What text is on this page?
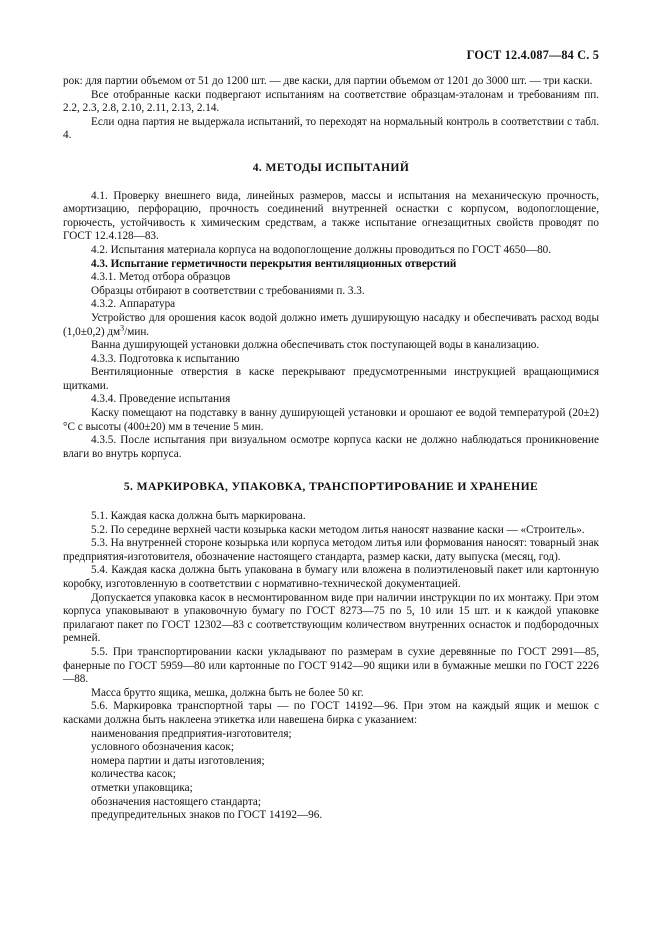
ГОСТ 12.4.087—84 С. 5

рок: для партии объемом от 51 до 1200 шт. — две каски, для партии объемом от 1201 до 3000 шт. — три каски.

Все отобранные каски подвергают испытаниям на соответствие образцам-эталонам и требованиям пп. 2.2, 2.3, 2.8, 2.10, 2.11, 2.13, 2.14.

Если одна партия не выдержала испытаний, то переходят на нормальный контроль в соответствии с табл. 4.

4. МЕТОДЫ ИСПЫТАНИЙ

4.1. Проверку внешнего вида, линейных размеров, массы и испытания на механическую прочность, амортизацию, перфорацию, прочность соединений внутренней оснастки с корпусом, водопоглощение, горючесть, устойчивость к химическим средствам, а также испытание огнезащитных свойств проводят по ГОСТ 12.4.128—83.

4.2. Испытания материала корпуса на водопоглощение должны проводиться по ГОСТ 4650—80.

4.3. Испытание герметичности перекрытия вентиляционных отверстий

4.3.1. Метод отбора образцов

Образцы отбирают в соответствии с требованиями п. 3.3.

4.3.2. Аппаратура

Устройство для орошения касок водой должно иметь душирующую насадку и обеспечивать расход воды (1,0±0,2) $дм^3$/мин.

Ванна душирующей установки должна обеспечивать сток поступающей воды в канализацию.

4.3.3. Подготовка к испытанию

Вентиляционные отверстия в каске перекрывают предусмотренными инструкцией вращающимися щитками.

4.3.4. Проведение испытания

Каску помещают на подставку в ванну душирующей установки и орошают ее водой температурой (20±2) °С с высоты (400±20) мм в течение 5 мин.

4.3.5. После испытания при визуальном осмотре корпуса каски не должно наблюдаться проникновение влаги во внутрь корпуса.

5. МАРКИРОВКА, УПАКОВКА, ТРАНСПОРТИРОВАНИЕ И ХРАНЕНИЕ

5.1. Каждая каска должна быть маркирована.

5.2. По середине верхней части козырька каски методом литья наносят название каски — «Строитель».

5.3. На внутренней стороне козырька или корпуса методом литья или формования наносят: товарный знак предприятия-изготовителя, обозначение настоящего стандарта, размер каски, дату выпуска (месяц, год).

5.4. Каждая каска должна быть упакована в бумагу или вложена в полиэтиленовый пакет или картонную коробку, изготовленную в соответствии с нормативно-технической документацией.

Допускается упаковка касок в несмонтированном виде при наличии инструкции по их монтажу. При этом корпуса упаковывают в упаковочную бумагу по ГОСТ 8273—75 по 5, 10 или 15 шт. и к каждой упаковке прилагают пакет по ГОСТ 12302—83 с соответствующим количеством внутренних оснасток и подбородочных ремней.

5.5. При транспортировании каски укладывают по размерам в сухие деревянные по ГОСТ 2991—85, фанерные по ГОСТ 5959—80 или картонные по ГОСТ 9142—90 ящики или в бумажные мешки по ГОСТ 2226—88.

Масса брутто ящика, мешка, должна быть не более 50 кг.

5.6. Маркировка транспортной тары — по ГОСТ 14192—96. При этом на каждый ящик и мешок с касками должна быть наклеена этикетка или навешена бирка с указанием:

наименования предприятия-изготовителя;

условного обозначения касок;

номера партии и даты изготовления;

количества касок;

отметки упаковщика;

обозначения настоящего стандарта;

предупредительных знаков по ГОСТ 14192—96.
